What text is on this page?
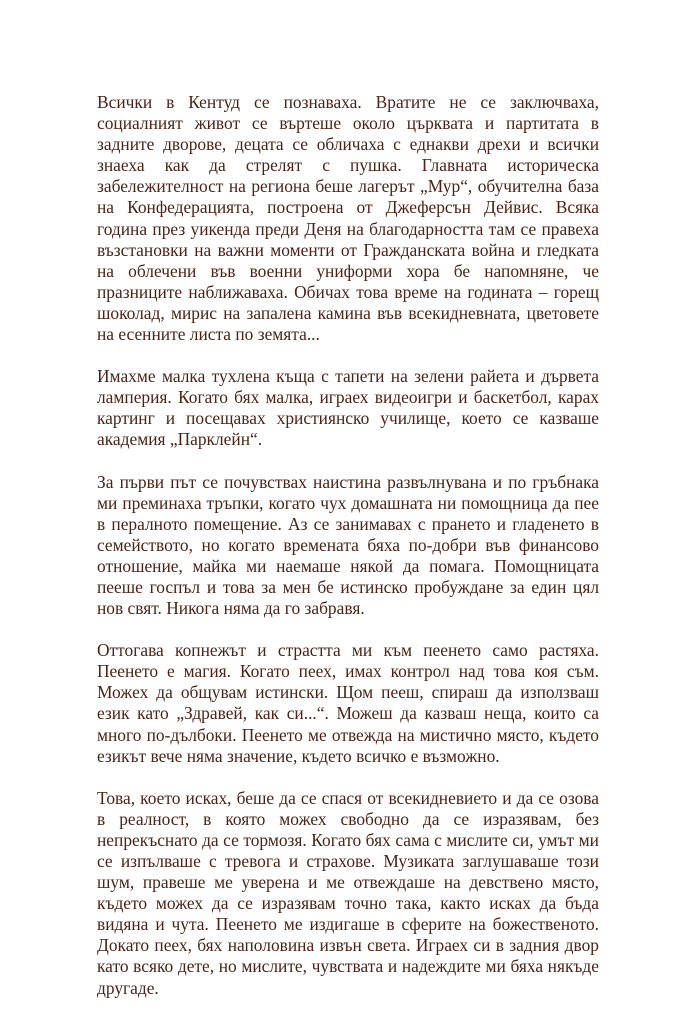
Всички в Кентуд се познаваха. Вратите не се заключваха, социалният живот се въртеше около църквата и партитата в задните дворове, децата се обличаха с еднакви дрехи и всички знаеха как да стрелят с пушка. Главната историческа забележителност на региона беше лагерът „Мур“, обучителна база на Конфедерацията, построена от Джеферсън Дейвис. Всяка година през уикенда преди Деня на благодарността там се правеха възстановки на важни моменти от Гражданската война и гледката на облечени във военни униформи хора бе напомняне, че празниците наближаваха. Обичах това време на годината – горещ шоколад, мирис на запалена камина във всекидневната, цветовете на есенните листа по земята...

Имахме малка тухлена къща с тапети на зелени райета и дървета ламперия. Когато бях малка, играех видеоигри и баскетбол, карах картинг и посещавах християнско училище, което се казваше академия „Парклейн“.

За първи път се почувствах наистина развълнувана и по гръбнака ми преминаха тръпки, когато чух домашната ни помощница да пее в пералното помещение. Аз се занимавах с прането и гладенето в семейството, но когато времената бяха по-добри във финансово отношение, майка ми наемаше някой да помага. Помощницата пееше госпъл и това за мен бе истинско пробуждане за един цял нов свят. Никога няма да го забравя.

Оттогава копнежът и страстта ми към пеенето само растяха. Пеенето е магия. Когато пеех, имах контрол над това коя съм. Можех да общувам истински. Щом пееш, спираш да използваш език като „Здравей, как си...“. Можеш да казваш неща, които са много по-дълбоки. Пеенето ме отвежда на мистично място, където езикът вече няма значение, където всичко е възможно.

Това, което исках, беше да се спася от всекидневието и да се озова в реалност, в която можех свободно да се изразявам, без непрекъснато да се тормозя. Когато бях сама с мислите си, умът ми се изпълваше с тревога и страхове. Музиката заглушаваше този шум, правеше ме уверена и ме отвеждаше на девствено място, където можех да се изразявам точно така, както исках да бъда видяна и чута. Пеенето ме издигаше в сферите на божественото. Докато пеех, бях наполовина извън света. Играех си в задния двор като всяко дете, но мислите, чувствата и надеждите ми бяха някъде другаде.
